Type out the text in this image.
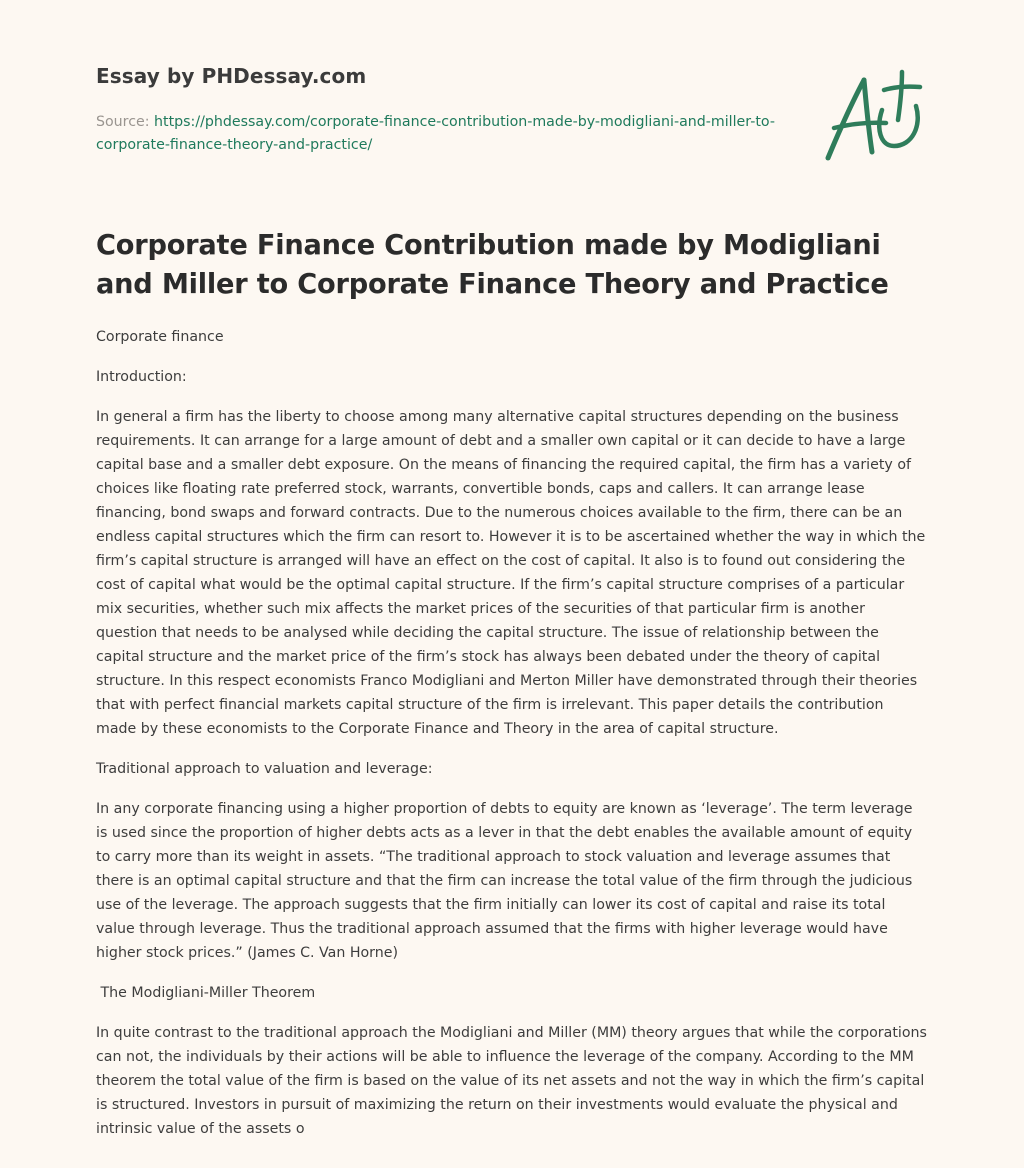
Essay by PHDessay.com
Source: https://phdessay.com/corporate-finance-contribution-made-by-modigliani-and-miller-to-corporate-finance-theory-and-practice/
Corporate Finance Contribution made by Modigliani and Miller to Corporate Finance Theory and Practice

Corporate finance

Introduction:

In general a firm has the liberty to choose among many alternative capital structures depending on the business requirements. It can arrange for a large amount of debt and a smaller own capital or it can decide to have a large capital base and a smaller debt exposure. On the means of financing the required capital, the firm has a variety of choices like floating rate preferred stock, warrants, convertible bonds, caps and callers. It can arrange lease financing, bond swaps and forward contracts. Due to the numerous choices available to the firm, there can be an endless capital structures which the firm can resort to. However it is to be ascertained whether the way in which the firm’s capital structure is arranged will have an effect on the cost of capital. It also is to found out considering the cost of capital what would be the optimal capital structure. If the firm’s capital structure comprises of a particular mix securities, whether such mix affects the market prices of the securities of that particular firm is another question that needs to be analysed while deciding the capital structure. The issue of relationship between the capital structure and the market price of the firm’s stock has always been debated under the theory of capital structure. In this respect economists Franco Modigliani and Merton Miller have demonstrated through their theories that with perfect financial markets capital structure of the firm is irrelevant. This paper details the contribution made by these economists to the Corporate Finance and Theory in the area of capital structure.

Traditional approach to valuation and leverage:

In any corporate financing using a higher proportion of debts to equity are known as ‘leverage’. The term leverage is used since the proportion of higher debts acts as a lever in that the debt enables the available amount of equity to carry more than its weight in assets. “The traditional approach to stock valuation and leverage assumes that there is an optimal capital structure and that the firm can increase the total value of the firm through the judicious use of the leverage. The approach suggests that the firm initially can lower its cost of capital and raise its total value through leverage. Thus the traditional approach assumed that the firms with higher leverage would have higher stock prices.” (James C. Van Horne)

The Modigliani-Miller Theorem

In quite contrast to the traditional approach the Modigliani and Miller (MM) theory argues that while the corporations can not, the individuals by their actions will be able to influence the leverage of the company. According to the MM theorem the total value of the firm is based on the value of its net assets and not the way in which the firm’s capital is structured. Investors in pursuit of maximizing the return on their investments would evaluate the physical and intrinsic value of the assets o
